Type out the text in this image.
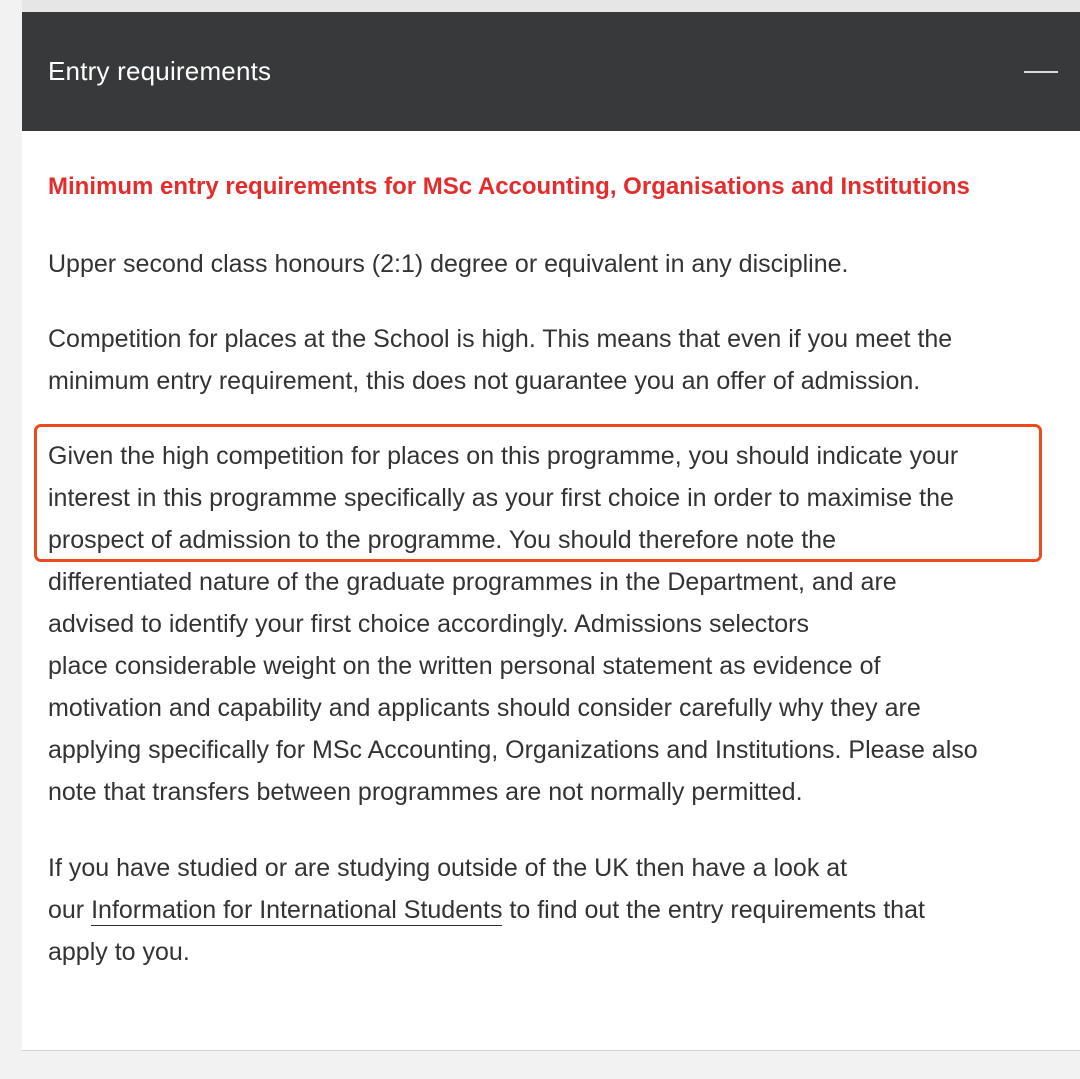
Entry requirements
Minimum entry requirements for MSc Accounting, Organisations and Institutions

Upper second class honours (2:1) degree or equivalent in any discipline.

Competition for places at the School is high. This means that even if you meet the
minimum entry requirement, this does not guarantee you an offer of admission.

Given the high competition for places on this programme, you should indicate your
interest in this programme specifically as your first choice in order to maximise the
prospect of admission to the programme. You should therefore note the
differentiated nature of the graduate programmes in the Department, and are
advised to identify your first choice accordingly. Admissions selectors
place considerable weight on the written personal statement as evidence of
motivation and capability and applicants should consider carefully why they are
applying specifically for MSc Accounting, Organizations and Institutions. Please also
note that transfers between programmes are not normally permitted.

If you have studied or are studying outside of the UK then have a look at
our Information for International Students to find out the entry requirements that
apply to you.
